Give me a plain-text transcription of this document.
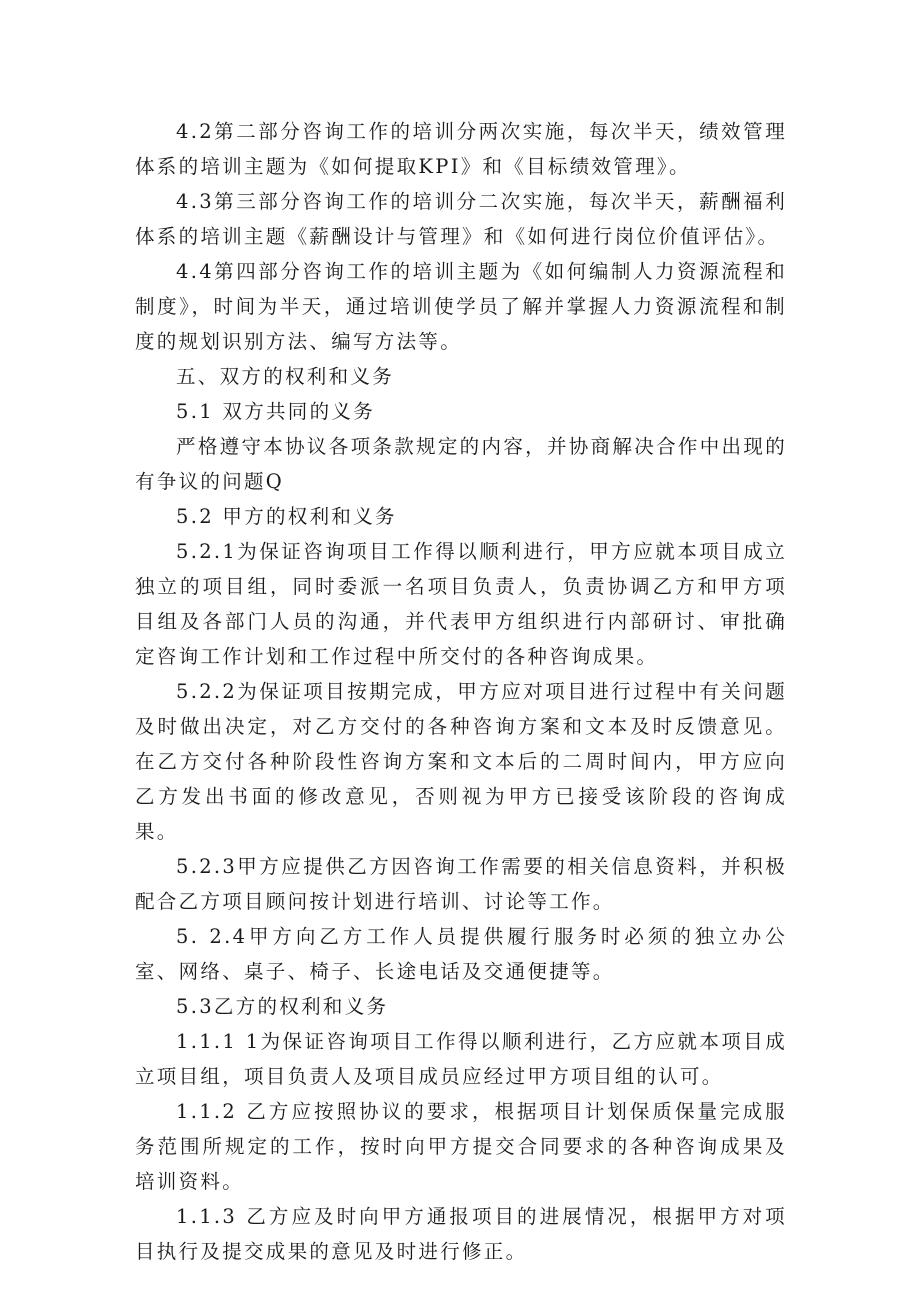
4.2第二部分咨询工作的培训分两次实施，每次半天，绩效管理体系的培训主题为《如何提取KPI》和《目标绩效管理》。

4.3第三部分咨询工作的培训分二次实施，每次半天，薪酬福利体系的培训主题《薪酬设计与管理》和《如何进行岗位价值评估》。

4.4第四部分咨询工作的培训主题为《如何编制人力资源流程和制度》，时间为半天，通过培训使学员了解并掌握人力资源流程和制度的规划识别方法、编写方法等。

五、双方的权利和义务

5.1 双方共同的义务

严格遵守本协议各项条款规定的内容，并协商解决合作中出现的有争议的问题Q

5.2 甲方的权利和义务

5.2.1为保证咨询项目工作得以顺利进行，甲方应就本项目成立独立的项目组，同时委派一名项目负责人，负责协调乙方和甲方项目组及各部门人员的沟通，并代表甲方组织进行内部研讨、审批确定咨询工作计划和工作过程中所交付的各种咨询成果。

5.2.2为保证项目按期完成，甲方应对项目进行过程中有关问题及时做出决定，对乙方交付的各种咨询方案和文本及时反馈意见。在乙方交付各种阶段性咨询方案和文本后的二周时间内，甲方应向乙方发出书面的修改意见，否则视为甲方已接受该阶段的咨询成果。

5.2.3甲方应提供乙方因咨询工作需要的相关信息资料，并积极配合乙方项目顾问按计划进行培训、讨论等工作。

5. 2.4甲方向乙方工作人员提供履行服务时必须的独立办公室、网络、桌子、椅子、长途电话及交通便捷等。

5.3乙方的权利和义务

1.1.1 1为保证咨询项目工作得以顺利进行，乙方应就本项目成立项目组，项目负责人及项目成员应经过甲方项目组的认可。

1.1.2 乙方应按照协议的要求，根据项目计划保质保量完成服务范围所规定的工作，按时向甲方提交合同要求的各种咨询成果及培训资料。

1.1.3 乙方应及时向甲方通报项目的进展情况，根据甲方对项目执行及提交成果的意见及时进行修正。
